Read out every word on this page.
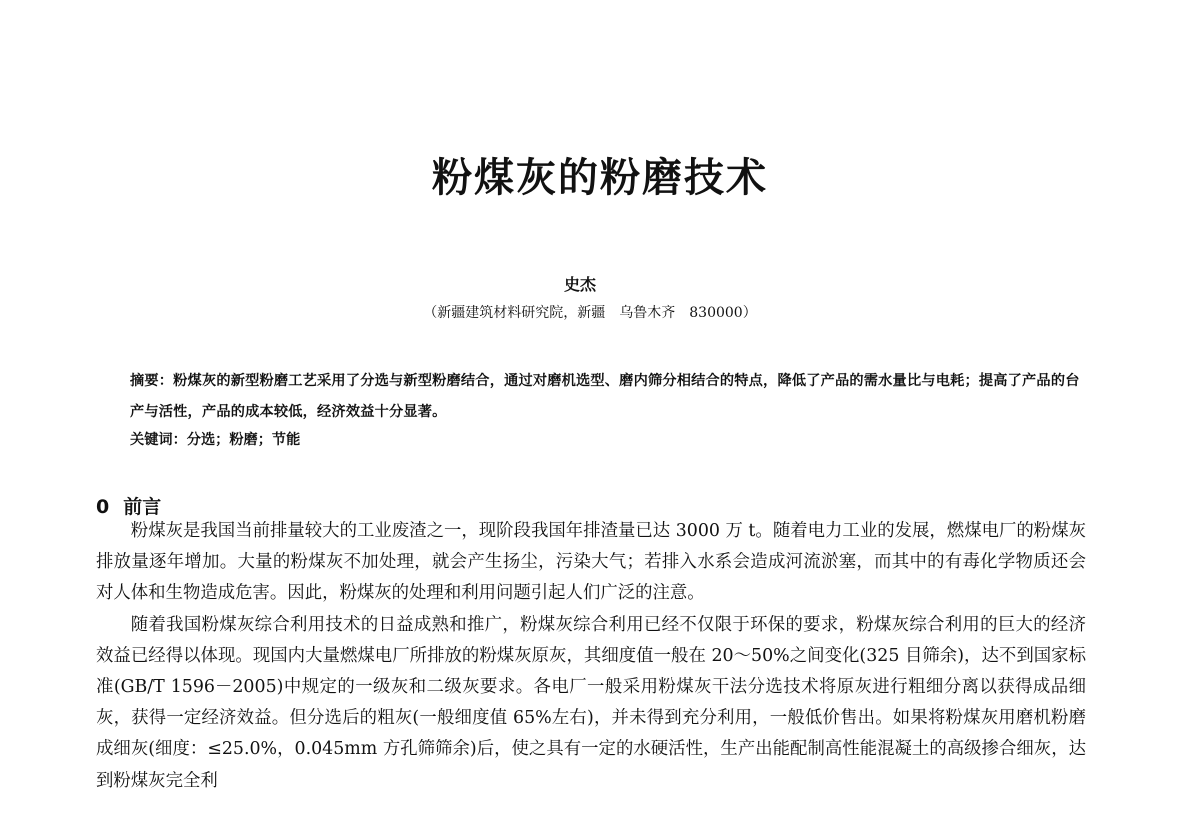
粉煤灰的粉磨技术
史杰
（新疆建筑材料研究院，新疆　乌鲁木齐　830000）
摘要：粉煤灰的新型粉磨工艺采用了分选与新型粉磨结合，通过对磨机选型、磨内筛分相结合的特点，降低了产品的需水量比与电耗；提高了产品的台产与活性，产品的成本较低，经济效益十分显著。
关键词：分选；粉磨；节能
0 前言

粉煤灰是我国当前排量较大的工业废渣之一，现阶段我国年排渣量已达 3000 万 t。随着电力工业的发展，燃煤电厂的粉煤灰排放量逐年增加。大量的粉煤灰不加处理，就会产生扬尘，污染大气；若排入水系会造成河流淤塞，而其中的有毒化学物质还会对人体和生物造成危害。因此，粉煤灰的处理和利用问题引起人们广泛的注意。

随着我国粉煤灰综合利用技术的日益成熟和推广，粉煤灰综合利用已经不仅限于环保的要求，粉煤灰综合利用的巨大的经济效益已经得以体现。现国内大量燃煤电厂所排放的粉煤灰原灰，其细度值一般在 20～50%之间变化(325 目筛余)，达不到国家标准(GB/T 1596－2005)中规定的一级灰和二级灰要求。各电厂一般采用粉煤灰干法分选技术将原灰进行粗细分离以获得成品细灰，获得一定经济效益。但分选后的粗灰(一般细度值 65%左右)，并未得到充分利用，一般低价售出。如果将粉煤灰用磨机粉磨成细灰(细度：≤25.0%，0.045mm 方孔筛筛余)后，使之具有一定的水硬活性，生产出能配制高性能混凝土的高级掺合细灰，达到粉煤灰完全利
